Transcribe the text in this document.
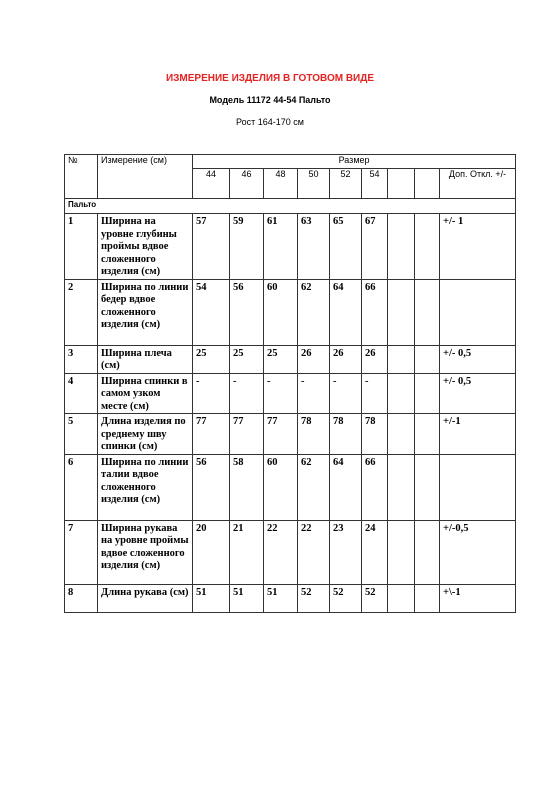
ИЗМЕРЕНИЕ ИЗДЕЛИЯ В ГОТОВОМ ВИДЕ
Модель 11172 44-54 Пальто
Рост 164-170 см
№	Измерение (см)	Размер								
		44	46	48	50	52	54			Доп. Откл. +/-
Пальто										
1	Ширина на уровне глубины проймы вдвое сложенного изделия (см)	57	59	61	63	65	67			+/- 1
2	Ширина по линии бедер вдвое сложенного изделия (см)	54	56	60	62	64	66			
3	Ширина плеча (см)	25	25	25	26	26	26			+/- 0,5
4	Ширина спинки в самом узком месте (см)	-	-	-	-	-	-			+/- 0,5
5	Длина изделия по среднему шву спинки (см)	77	77	77	78	78	78			+/-1
6	Ширина по линии талии вдвое сложенного изделия (см)	56	58	60	62	64	66			
7	Ширина рукава на уровне проймы вдвое сложенного изделия (см)	20	21	22	22	23	24			+/-0,5
8	Длина рукава (см)	51	51	51	52	52	52			+\-1
